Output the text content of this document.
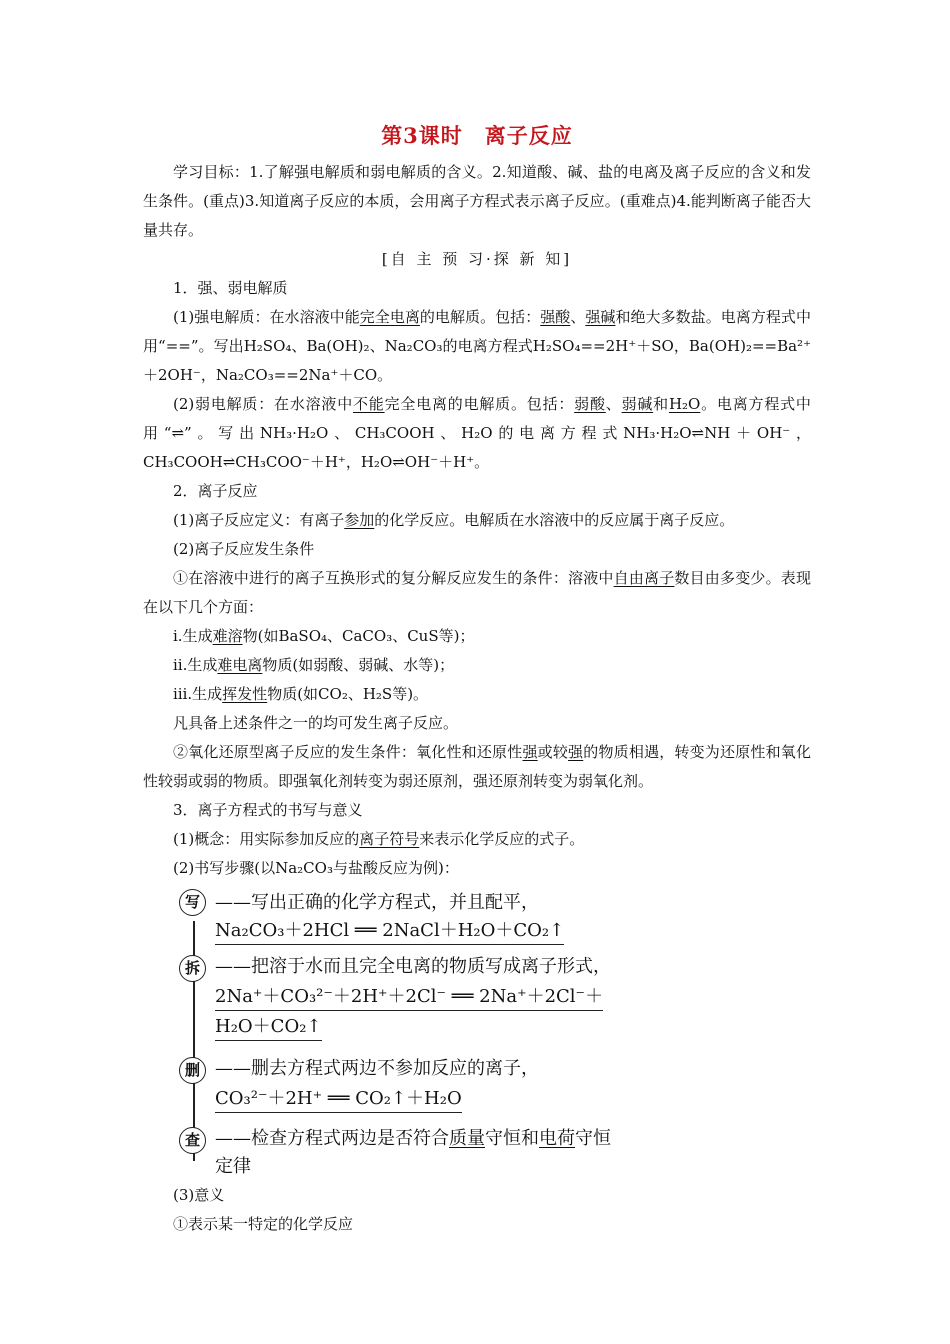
第3课时　离子反应

学习目标：1.了解强电解质和弱电解质的含义。2.知道酸、碱、盐的电离及离子反应的含义和发生条件。(重点)3.知道离子反应的本质，会用离子方程式表示离子反应。(重难点)4.能判断离子能否大量共存。

[自 主 预 习·探 新 知]

1．强、弱电解质

(1)强电解质：在水溶液中能完全电离的电解质。包括：强酸、强碱和绝大多数盐。电离方程式中用“==”。写出H₂SO₄、Ba(OH)₂、Na₂CO₃的电离方程式H₂SO₄==2H⁺＋SO，Ba(OH)₂==Ba²⁺＋2OH⁻，Na₂CO₃==2Na⁺＋CO。

(2)弱电解质：在水溶液中不能完全电离的电解质。包括：弱酸、弱碱和H₂O。电离方程式中用“⇌”。写出NH₃·H₂O、CH₃COOH、H₂O的电离方程式NH₃·H₂O⇌NH＋OH⁻，CH₃COOH⇌CH₃COO⁻＋H⁺，H₂O⇌OH⁻＋H⁺。

2．离子反应

(1)离子反应定义：有离子参加的化学反应。电解质在水溶液中的反应属于离子反应。

(2)离子反应发生条件

①在溶液中进行的离子互换形式的复分解反应发生的条件：溶液中自由离子数目由多变少。表现在以下几个方面：

ⅰ.生成难溶物(如BaSO₄、CaCO₃、CuS等)；

ⅱ.生成难电离物质(如弱酸、弱碱、水等)；

ⅲ.生成挥发性物质(如CO₂、H₂S等)。

凡具备上述条件之一的均可发生离子反应。

②氧化还原型离子反应的发生条件：氧化性和还原性强或较强的物质相遇，转变为还原性和氧化性较弱或弱的物质。即强氧化剂转变为弱还原剂，强还原剂转变为弱氧化剂。

3．离子方程式的书写与意义

(1)概念：用实际参加反应的离子符号来表示化学反应的式子。

(2)书写步骤(以Na₂CO₃与盐酸反应为例)：

写 ——写出正确的化学方程式，并且配平，
Na₂CO₃＋2HCl ══ 2NaCl＋H₂O＋CO₂↑
拆 ——把溶于水而且完全电离的物质写成离子形式，
2Na⁺＋CO₃²⁻＋2H⁺＋2Cl⁻ ══ 2Na⁺＋2Cl⁻＋
H₂O＋CO₂↑
删 ——删去方程式两边不参加反应的离子，
CO₃²⁻＋2H⁺ ══ CO₂↑＋H₂O
查 ——检查方程式两边是否符合质量守恒和电荷守恒
定律

(3)意义

①表示某一特定的化学反应
